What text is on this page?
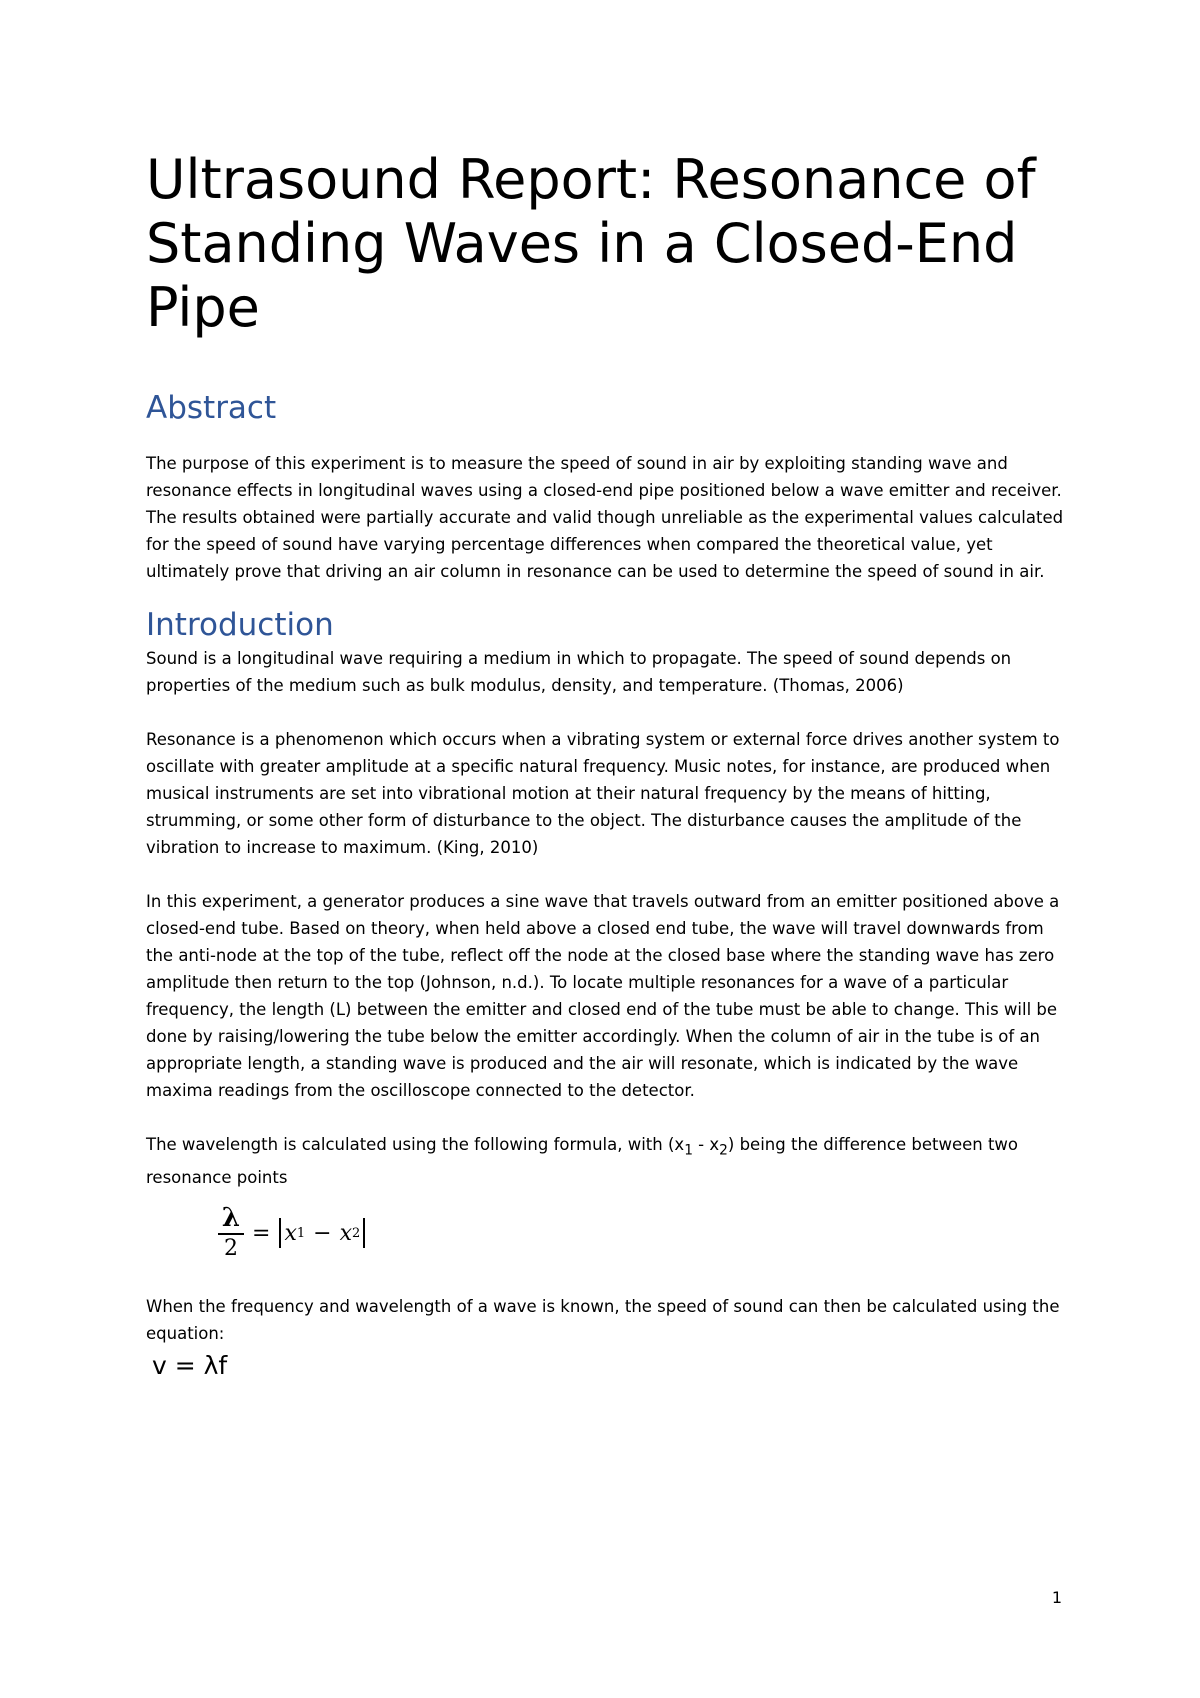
Ultrasound Report: Resonance of Standing Waves in a Closed-End Pipe
Abstract

The purpose of this experiment is to measure the speed of sound in air by exploiting standing wave and resonance effects in longitudinal waves using a closed-end pipe positioned below a wave emitter and receiver. The results obtained were partially accurate and valid though unreliable as the experimental values calculated for the speed of sound have varying percentage differences when compared the theoretical value, yet ultimately prove that driving an air column in resonance can be used to determine the speed of sound in air.

Introduction

Sound is a longitudinal wave requiring a medium in which to propagate. The speed of sound depends on properties of the medium such as bulk modulus, density, and temperature. (Thomas, 2006)

Resonance is a phenomenon which occurs when a vibrating system or external force drives another system to oscillate with greater amplitude at a specific natural frequency. Music notes, for instance, are produced when musical instruments are set into vibrational motion at their natural frequency by the means of hitting, strumming, or some other form of disturbance to the object. The disturbance causes the amplitude of the vibration to increase to maximum. (King, 2010)

In this experiment, a generator produces a sine wave that travels outward from an emitter positioned above a closed-end tube. Based on theory, when held above a closed end tube, the wave will travel downwards from the anti-node at the top of the tube, reflect off the node at the closed base where the standing wave has zero amplitude then return to the top (Johnson, n.d.). To locate multiple resonances for a wave of a particular frequency, the length (L) between the emitter and closed end of the tube must be able to change. This will be done by raising/lowering the tube below the emitter accordingly. When the column of air in the tube is of an appropriate length, a standing wave is produced and the air will resonate, which is indicated by the wave maxima readings from the oscilloscope connected to the detector.

The wavelength is calculated using the following formula, with $(x_1 - x_2)$ being the difference between two resonance points

$\frac{\lambda}{2} = x$ 1 − x 2

When the frequency and wavelength of a wave is known, the speed of sound can then be calculated using the equation:

v = λf
1
